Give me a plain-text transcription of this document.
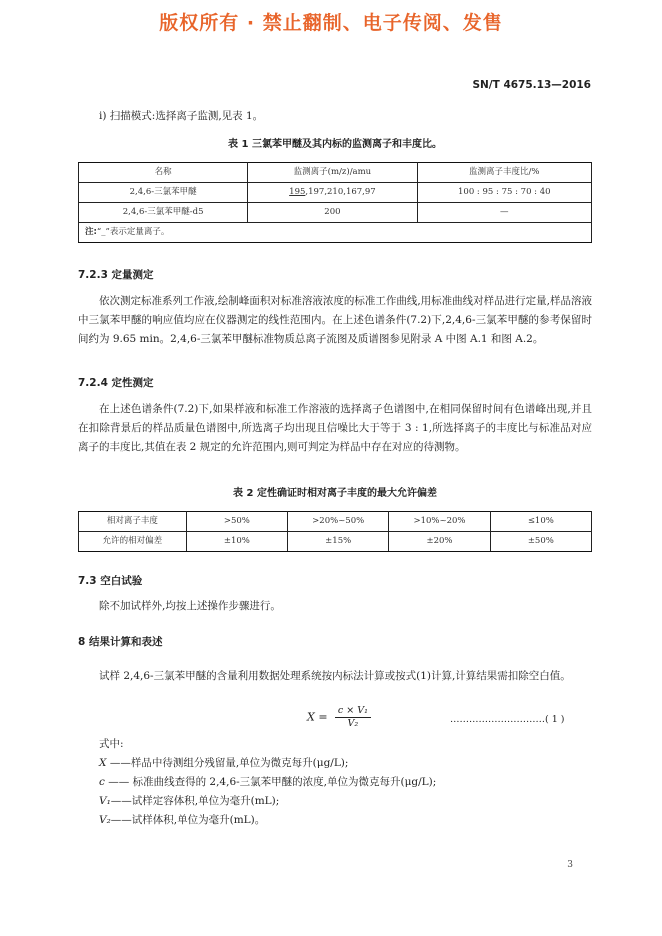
版权所有 · 禁止翻制、电子传阅、发售
SN/T 4675.13—2016
i) 扫描模式:选择离子监测,见表 1。
表 1 三氯苯甲醚及其内标的监测离子和丰度比。
名称	监测离子(m/z)/amu	监测离子丰度比/%
2,4,6-三氯苯甲醚	195,197,210,167,97	100 : 95 : 75 : 70 : 40
2,4,6-三氯苯甲醚-d5	200	—
注:“_”表示定量离子。		
7.2.3 定量测定
依次测定标准系列工作液,绘制峰面积对标准溶液浓度的标准工作曲线,用标准曲线对样品进行定量,样品溶液中三氯苯甲醚的响应值均应在仪器测定的线性范围内。在上述色谱条件(7.2)下,2,4,6-三氯苯甲醚的参考保留时间约为 9.65 min。2,4,6-三氯苯甲醚标准物质总离子流图及质谱图参见附录 A 中图 A.1 和图 A.2。
7.2.4 定性测定
在上述色谱条件(7.2)下,如果样液和标准工作溶液的选择离子色谱图中,在相同保留时间有色谱峰出现,并且在扣除背景后的样品质量色谱图中,所选离子均出现且信噪比大于等于 3 : 1,所选择离子的丰度比与标准品对应离子的丰度比,其值在表 2 规定的允许范围内,则可判定为样品中存在对应的待测物。
表 2 定性确证时相对离子丰度的最大允许偏差
相对离子丰度	>50%	>20%~50%	>10%~20%	≤10%
允许的相对偏差	±10%	±15%	±20%	±50%
7.3 空白试验
除不加试样外,均按上述操作步骤进行。
8 结果计算和表述
试样 2,4,6-三氯苯甲醚的含量利用数据处理系统按内标法计算或按式(1)计算,计算结果需扣除空白值。
$X = \frac{\text{c × V₁}}{\text{V₂}}$	…………………………( 1 )
式中:
X ——样品中待测组分残留量,单位为微克每升(μg/L);
c —— 标准曲线查得的 2,4,6-三氯苯甲醚的浓度,单位为微克每升(μg/L);
V₁——试样定容体积,单位为毫升(mL);
V₂——试样体积,单位为毫升(mL)。
3
